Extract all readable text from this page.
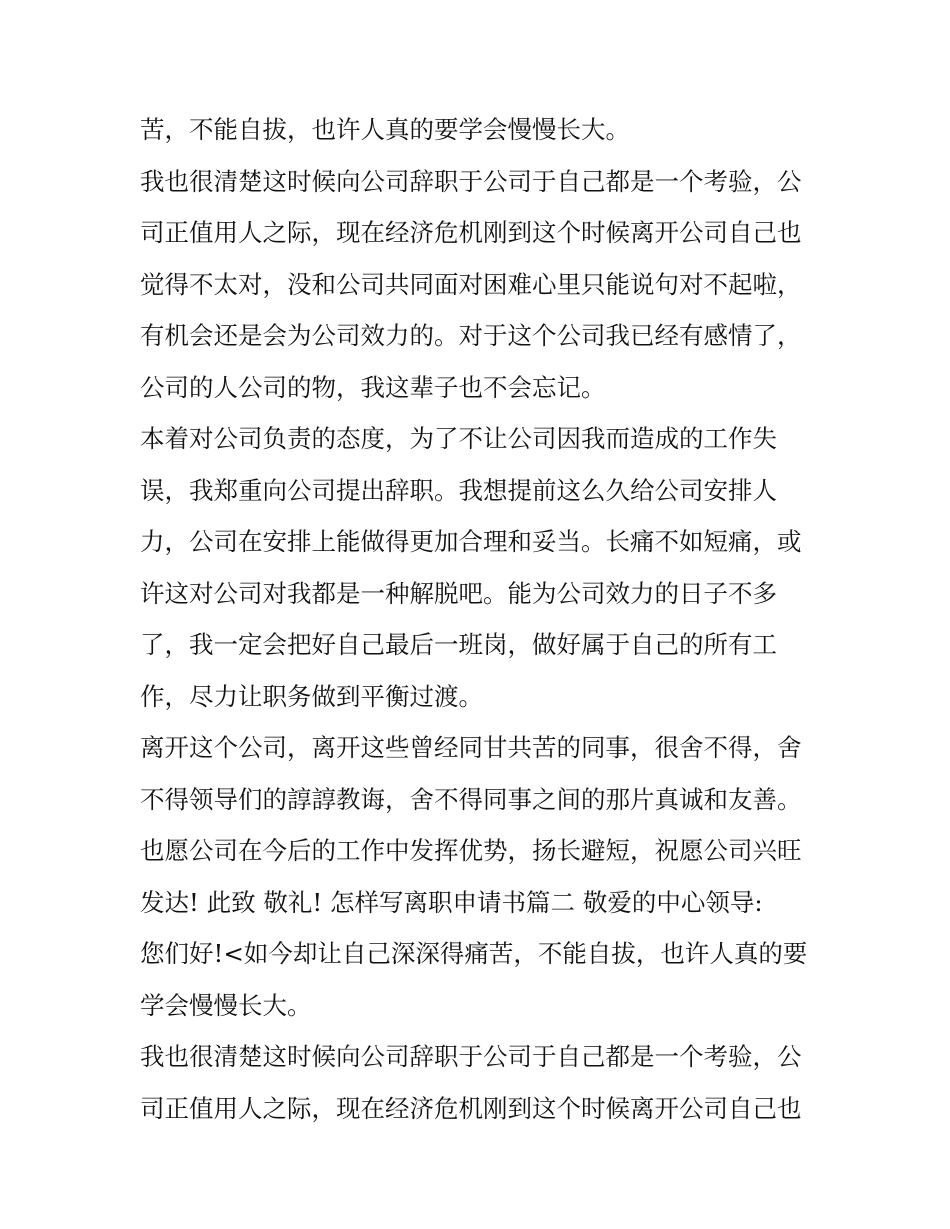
苦，不能自拔，也许人真的要学会慢慢长大。
我也很清楚这时候向公司辞职于公司于自己都是一个考验，公
司正值用人之际，现在经济危机刚到这个时候离开公司自己也
觉得不太对，没和公司共同面对困难心里只能说句对不起啦，
有机会还是会为公司效力的。对于这个公司我已经有感情了，
公司的人公司的物，我这辈子也不会忘记。
本着对公司负责的态度，为了不让公司因我而造成的工作失
误，我郑重向公司提出辞职。我想提前这么久给公司安排人
力，公司在安排上能做得更加合理和妥当。长痛不如短痛，或
许这对公司对我都是一种解脱吧。能为公司效力的日子不多
了，我一定会把好自己最后一班岗，做好属于自己的所有工
作，尽力让职务做到平衡过渡。
离开这个公司，离开这些曾经同甘共苦的同事，很舍不得，舍
不得领导们的諄諄教诲，舍不得同事之间的那片真诚和友善。
也愿公司在今后的工作中发挥优势，扬长避短，祝愿公司兴旺
发达! 此致 敬礼! 怎样写离职申请书篇二 敬爱的中心领导:
您们好!<如今却让自己深深得痛苦，不能自拔，也许人真的要
学会慢慢长大。
我也很清楚这时候向公司辞职于公司于自己都是一个考验，公
司正值用人之际，现在经济危机刚到这个时候离开公司自己也
